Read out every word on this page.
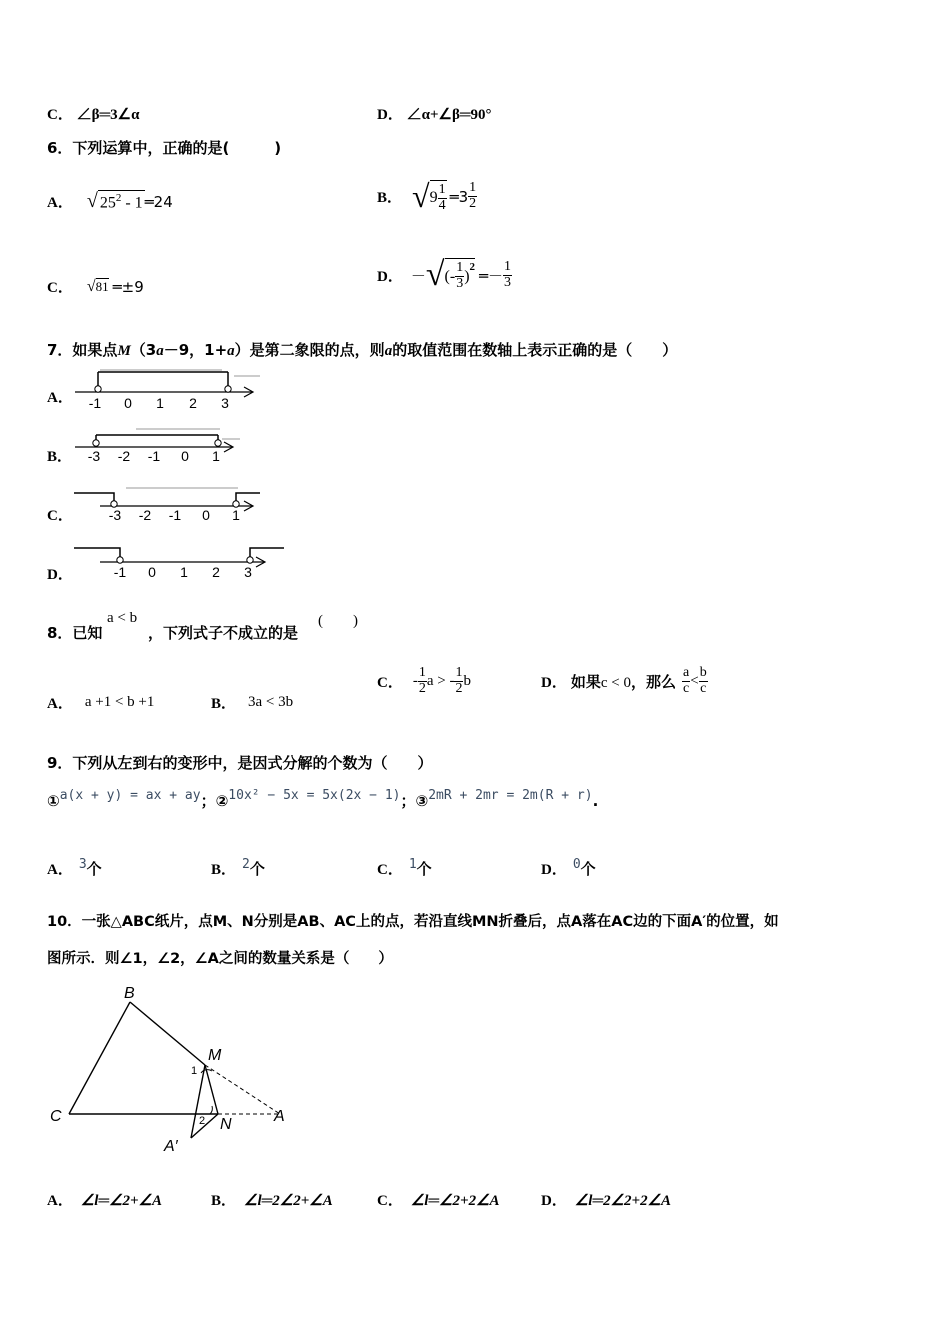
C． ∠β═3∠α	D． ∠α+∠β═90°
6．下列运算中，正确的是(　　　)
A． √ $25^2 - 1$ ═24	B． √ $9 \frac{1}{4}$ ═3 $\frac{1}{2}$
C． √ 81 ═±9
D． － √ (- $\frac{1}{3}$ )
$^2$ ═－ $\frac{1}{3}$
7．如果点M（3a－9，1+a）是第二象限的点，则a的取值范围在数轴上表示正确的是（　　）
A． -1 0 1 2 3
B． -3 -2 -1 0 1
C．	-3 -2 -1 0 1
D．	-1 0 1 2 3
8．已知
a < b
，下列式子不成立的是
(　　)
A． a +1 < b +1	B． 3a < 3b
C． - $\frac{1}{2}$ a > - $\frac{1}{2}$ b	D． 如果 c < 0 ，那么 $\frac{a}{c} < \frac{b}{c}$
9．下列从左到右的变形中，是因式分解的个数为（　　）
① a(x + y) = ax + ay ；② 10x² − 5x = 5x(2x − 1) ；③ 2mR + 2mr = 2m(R + r) .
A． 3个	B． 2个	C． 1个	D． 0个
10．一张△ABC纸片，点M、N分别是AB、AC上的点，若沿直线MN折叠后，点A落在AC边的下面A′的位置，如
图所示．则∠1，∠2，∠A之间的数量关系是（　　）
B
M
C	N	A
A′
1
2
A． ∠l═∠2+∠A	B． ∠l═2∠2+∠A	C． ∠l═∠2+2∠A	D． ∠l═2∠2+2∠A
